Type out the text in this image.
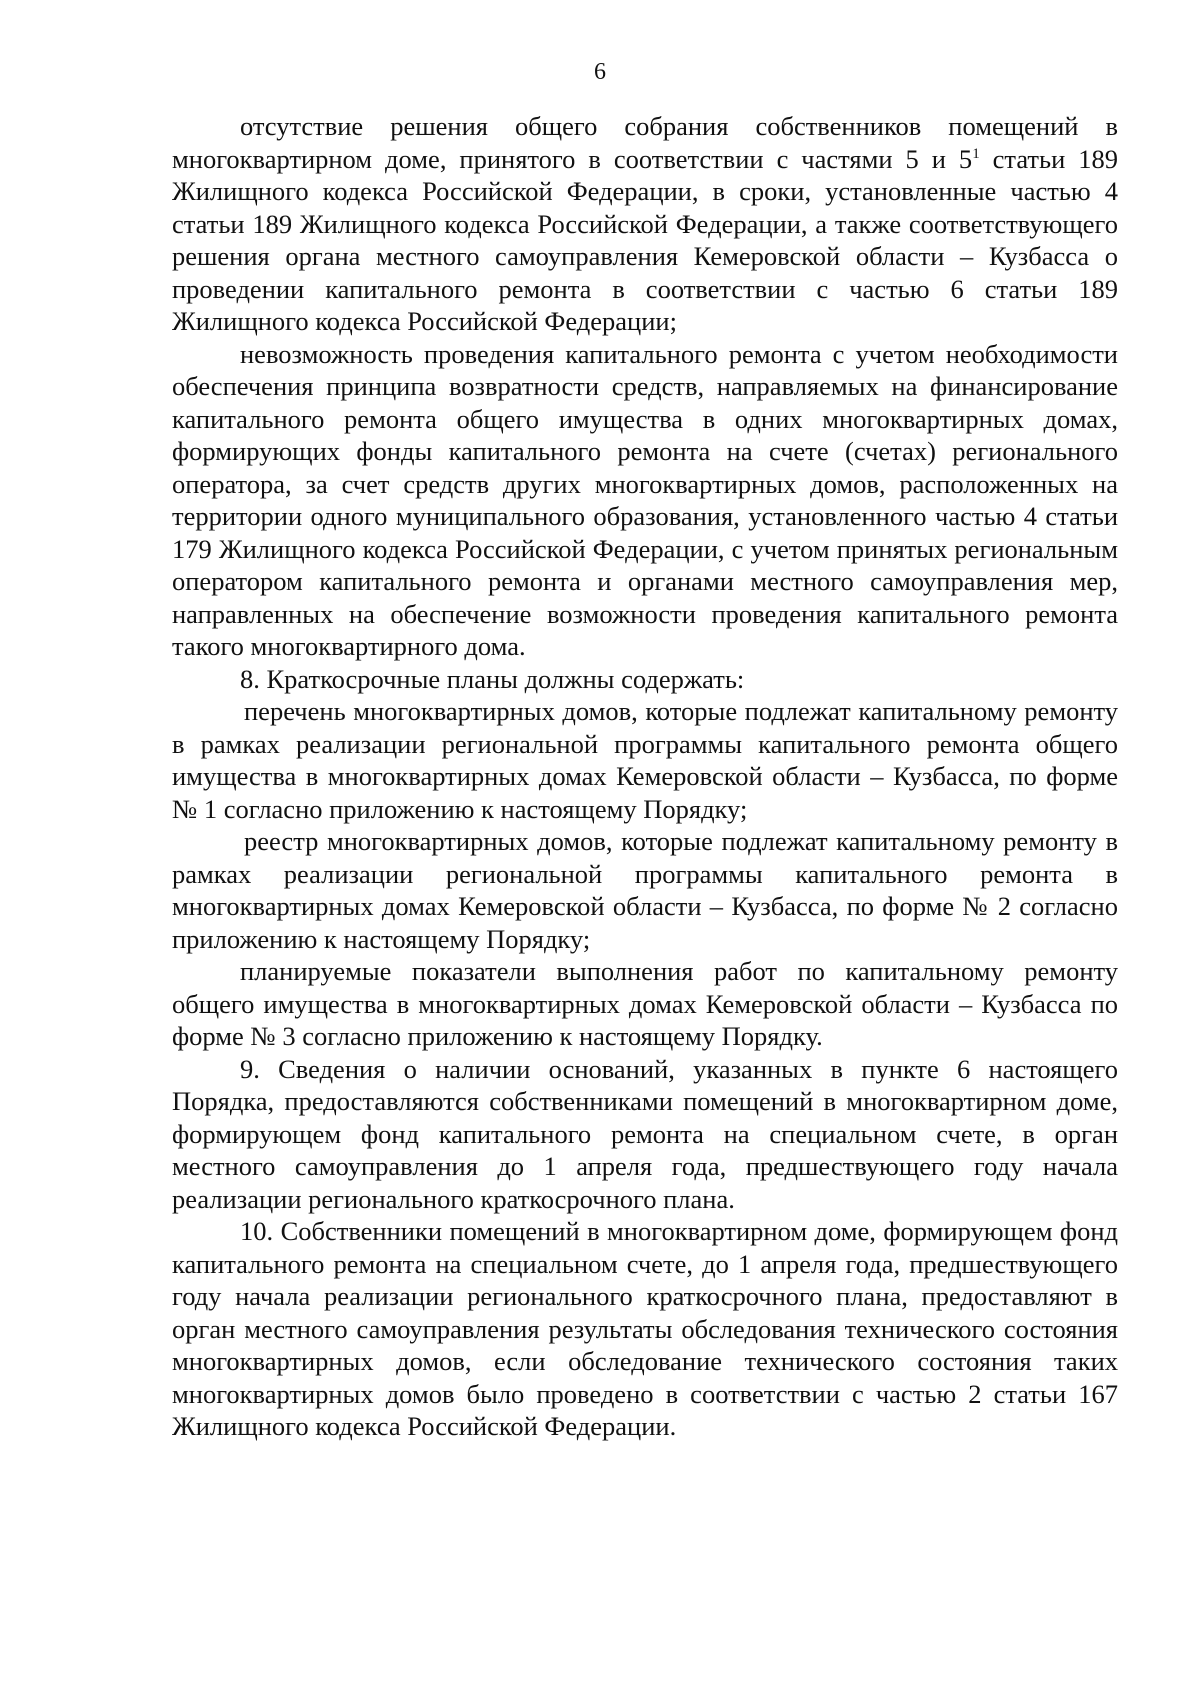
6

отсутствие решения общего собрания собственников помещений в многоквартирном доме, принятого в соответствии с частями 5 и $5^1$ статьи 189 Жилищного кодекса Российской Федерации, в сроки, установленные частью 4 статьи 189 Жилищного кодекса Российской Федерации, а также соответствующего решения органа местного самоуправления Кемеровской области – Кузбасса о проведении капитального ремонта в соответствии с частью 6 статьи 189 Жилищного кодекса Российской Федерации;

невозможность проведения капитального ремонта с учетом необходимости обеспечения принципа возвратности средств, направляемых на финансирование капитального ремонта общего имущества в одних многоквартирных домах, формирующих фонды капитального ремонта на счете (счетах) регионального оператора, за счет средств других многоквартирных домов, расположенных на территории одного муниципального образования, установленного частью 4 статьи 179 Жилищного кодекса Российской Федерации, с учетом принятых региональным оператором капитального ремонта и органами местного самоуправления мер, направленных на обеспечение возможности проведения капитального ремонта такого многоквартирного дома.

8. Краткосрочные планы должны содержать:

перечень многоквартирных домов, которые подлежат капитальному ремонту в рамках реализации региональной программы капитального ремонта общего имущества в многоквартирных домах Кемеровской области – Кузбасса, по форме № 1 согласно приложению к настоящему Порядку;

реестр многоквартирных домов, которые подлежат капитальному ремонту в рамках реализации региональной программы капитального ремонта в многоквартирных домах Кемеровской области – Кузбасса, по форме № 2 согласно приложению к настоящему Порядку;

планируемые показатели выполнения работ по капитальному ремонту общего имущества в многоквартирных домах Кемеровской области – Кузбасса по форме № 3 согласно приложению к настоящему Порядку.

9. Сведения о наличии оснований, указанных в пункте 6 настоящего Порядка, предоставляются собственниками помещений в многоквартирном доме, формирующем фонд капитального ремонта на специальном счете, в орган местного самоуправления до 1 апреля года, предшествующего году начала реализации регионального краткосрочного плана.

10. Собственники помещений в многоквартирном доме, формирующем фонд капитального ремонта на специальном счете, до 1 апреля года, предшествующего году начала реализации регионального краткосрочного плана, предоставляют в орган местного самоуправления результаты обследования технического состояния многоквартирных домов, если обследование технического состояния таких многоквартирных домов было проведено в соответствии с частью 2 статьи 167 Жилищного кодекса Российской Федерации.
